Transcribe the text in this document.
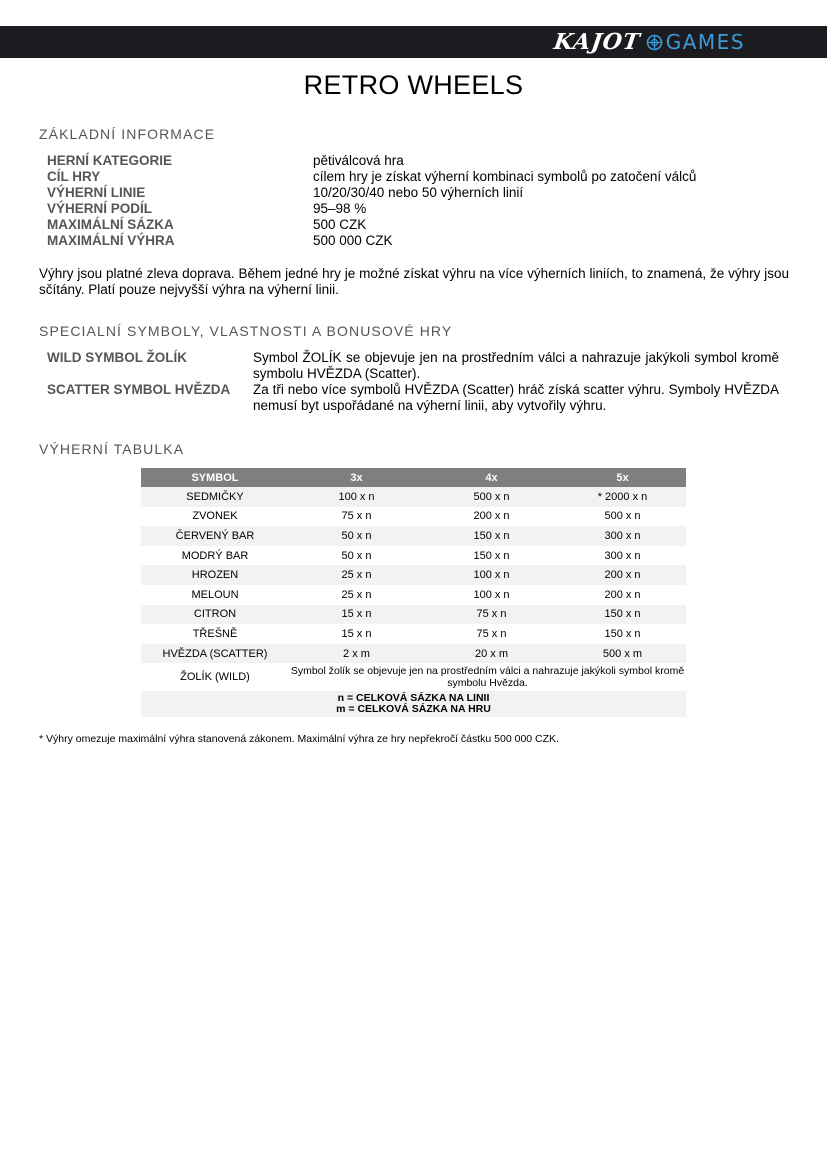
KAJOT GAMES
RETRO WHEELS
ZÁKLADNÍ INFORMACE
HERNÍ KATEGORIE	pětiválcová hra
CÍL HRY	cílem hry je získat výherní kombinaci symbolů po zatočení válců
VÝHERNÍ LINIE	10/20/30/40 nebo 50 výherních linií
VÝHERNÍ PODÍL	95–98 %
MAXIMÁLNÍ SÁZKA	500 CZK
MAXIMÁLNÍ VÝHRA	500 000 CZK
Výhry jsou platné zleva doprava. Během jedné hry je možné získat výhru na více výherních liniích, to znamená, že výhry jsou sčítány. Platí pouze nejvyšší výhra na výherní linii.
SPECIALNÍ SYMBOLY, VLASTNOSTI A BONUSOVÉ HRY
WILD SYMBOL ŽOLÍK	Symbol ŽOLÍK se objevuje jen na prostředním válci a nahrazuje jakýkoli symbol kromě symbolu HVĚZDA (Scatter).
SCATTER SYMBOL HVĚZDA	Za tři nebo více symbolů HVĚZDA (Scatter) hráč získá scatter výhru. Symboly HVĚZDA nemusí byt uspořádané na výherní linii, aby vytvořily výhru.
VÝHERNÍ TABULKA
SYMBOL	3x	4x	5x
SEDMIČKY	100 x n	500 x n	* 2000 x n
ZVONEK	75 x n	200 x n	500 x n
ČERVENÝ BAR	50 x n	150 x n	300 x n
MODRÝ BAR	50 x n	150 x n	300 x n
HROZEN	25 x n	100 x n	200 x n
MELOUN	25 x n	100 x n	200 x n
CITRON	15 x n	75 x n	150 x n
TŘEŠNĚ	15 x n	75 x n	150 x n
HVĚZDA (SCATTER)	2 x m	20 x m	500 x m
ŽOLÍK (WILD)	Symbol žolík se objevuje jen na prostředním válci a nahrazuje jakýkoli symbol kromě symbolu Hvězda.		

n = CELKOVÁ SÁZKA NA LINII
m = CELKOVÁ SÁZKA NA HRU			
* Výhry omezuje maximální výhra stanovená zákonem. Maximální výhra ze hry nepřekročí částku 500 000 CZK.
